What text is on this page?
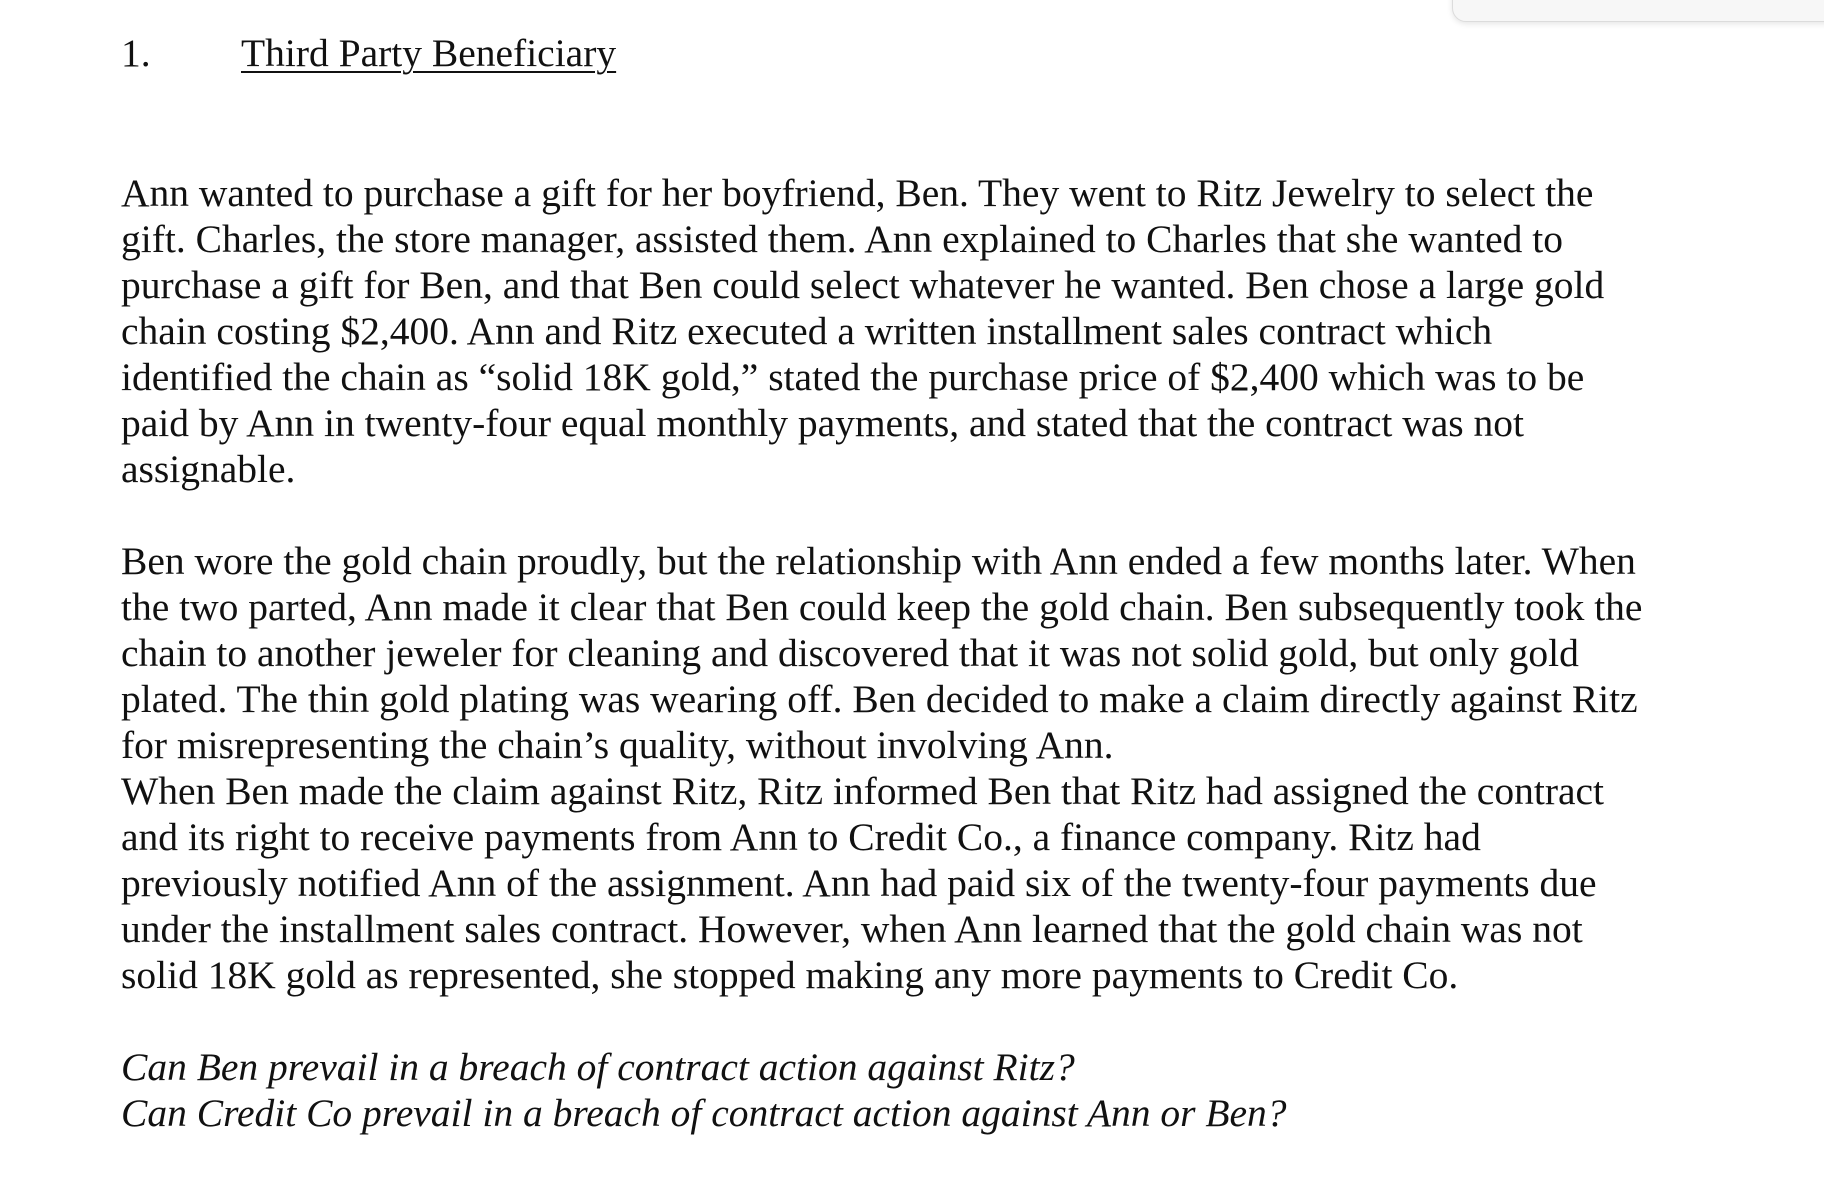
1. Third Party Beneficiary

Ann wanted to purchase a gift for her boyfriend, Ben. They went to Ritz Jewelry to select the
gift. Charles, the store manager, assisted them. Ann explained to Charles that she wanted to
purchase a gift for Ben, and that Ben could select whatever he wanted. Ben chose a large gold
chain costing $2,400. Ann and Ritz executed a written installment sales contract which
identified the chain as “solid 18K gold,” stated the purchase price of $2,400 which was to be
paid by Ann in twenty-four equal monthly payments, and stated that the contract was not
assignable.

Ben wore the gold chain proudly, but the relationship with Ann ended a few months later. When
the two parted, Ann made it clear that Ben could keep the gold chain. Ben subsequently took the
chain to another jeweler for cleaning and discovered that it was not solid gold, but only gold
plated. The thin gold plating was wearing off. Ben decided to make a claim directly against Ritz
for misrepresenting the chain’s quality, without involving Ann.
When Ben made the claim against Ritz, Ritz informed Ben that Ritz had assigned the contract
and its right to receive payments from Ann to Credit Co., a finance company. Ritz had
previously notified Ann of the assignment. Ann had paid six of the twenty-four payments due
under the installment sales contract. However, when Ann learned that the gold chain was not
solid 18K gold as represented, she stopped making any more payments to Credit Co.

Can Ben prevail in a breach of contract action against Ritz?
Can Credit Co prevail in a breach of contract action against Ann or Ben?
